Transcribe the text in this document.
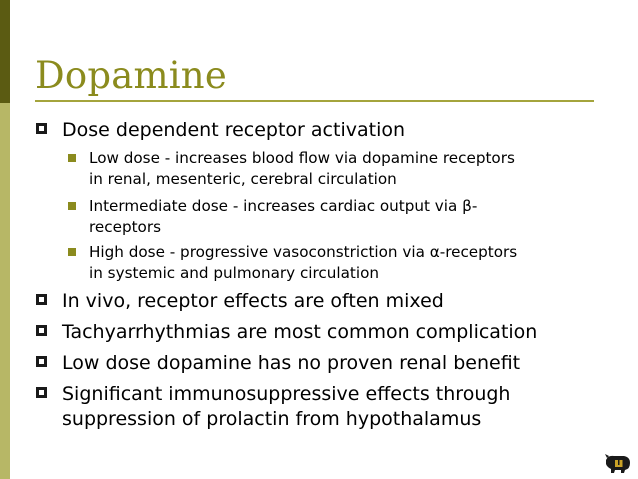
Dopamine
Dose dependent receptor activation
Low dose - increases blood flow via dopamine receptors
in renal, mesenteric, cerebral circulation
Intermediate dose - increases cardiac output via β-
receptors
High dose - progressive vasoconstriction via α-receptors
in systemic and pulmonary circulation
In vivo, receptor effects are often mixed
Tachyarrhythmias are most common complication
Low dose dopamine has no proven renal benefit
Significant immunosuppressive effects through
suppression of prolactin from hypothalamus
